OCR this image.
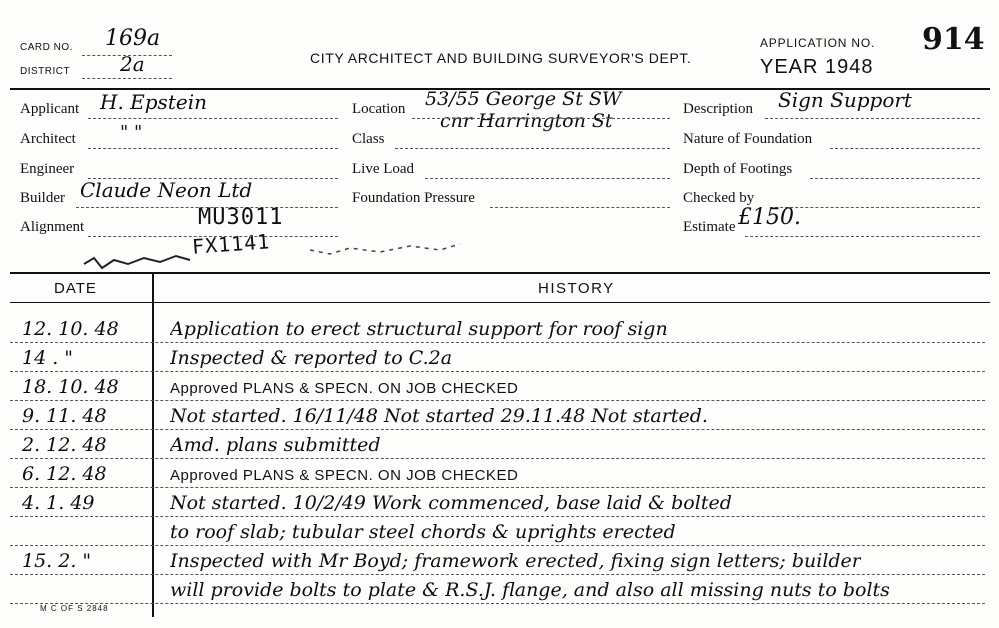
CARD NO. 169a
DISTRICT 2a	CITY ARCHITECT AND BUILDING SURVEYOR'S DEPT.
APPLICATION NO. 914
YEAR 1948
Applicant H. Epstein
Architect " "
Engineer
Builder Claude Neon Ltd
Alignment	MU3011
FX1141
Location 53/55 George St SW
cnr Harrington St
Class
Live Load
Foundation Pressure
Description Sign Support
Nature of Foundation
Depth of Footings
Checked by
Estimate £150.
DATE	HISTORY
12. 10. 48	Application to erect structural support for roof sign
14 . "	Inspected & reported to C.2a
18. 10. 48	Approved PLANS & SPECN. ON JOB CHECKED
9. 11. 48	Not started. 16/11/48 Not started 29.11.48 Not started.
2. 12. 48	Amd. plans submitted
6. 12. 48	Approved PLANS & SPECN. ON JOB CHECKED
4. 1. 49	Not started. 10/2/49 Work commenced, base laid & bolted
to roof slab; tubular steel chords & uprights erected
15. 2. "	Inspected with Mr Boyd; framework erected, fixing sign letters; builder
will provide bolts to plate & R.S.J. flange, and also all missing nuts to bolts
M C OF S 2848
